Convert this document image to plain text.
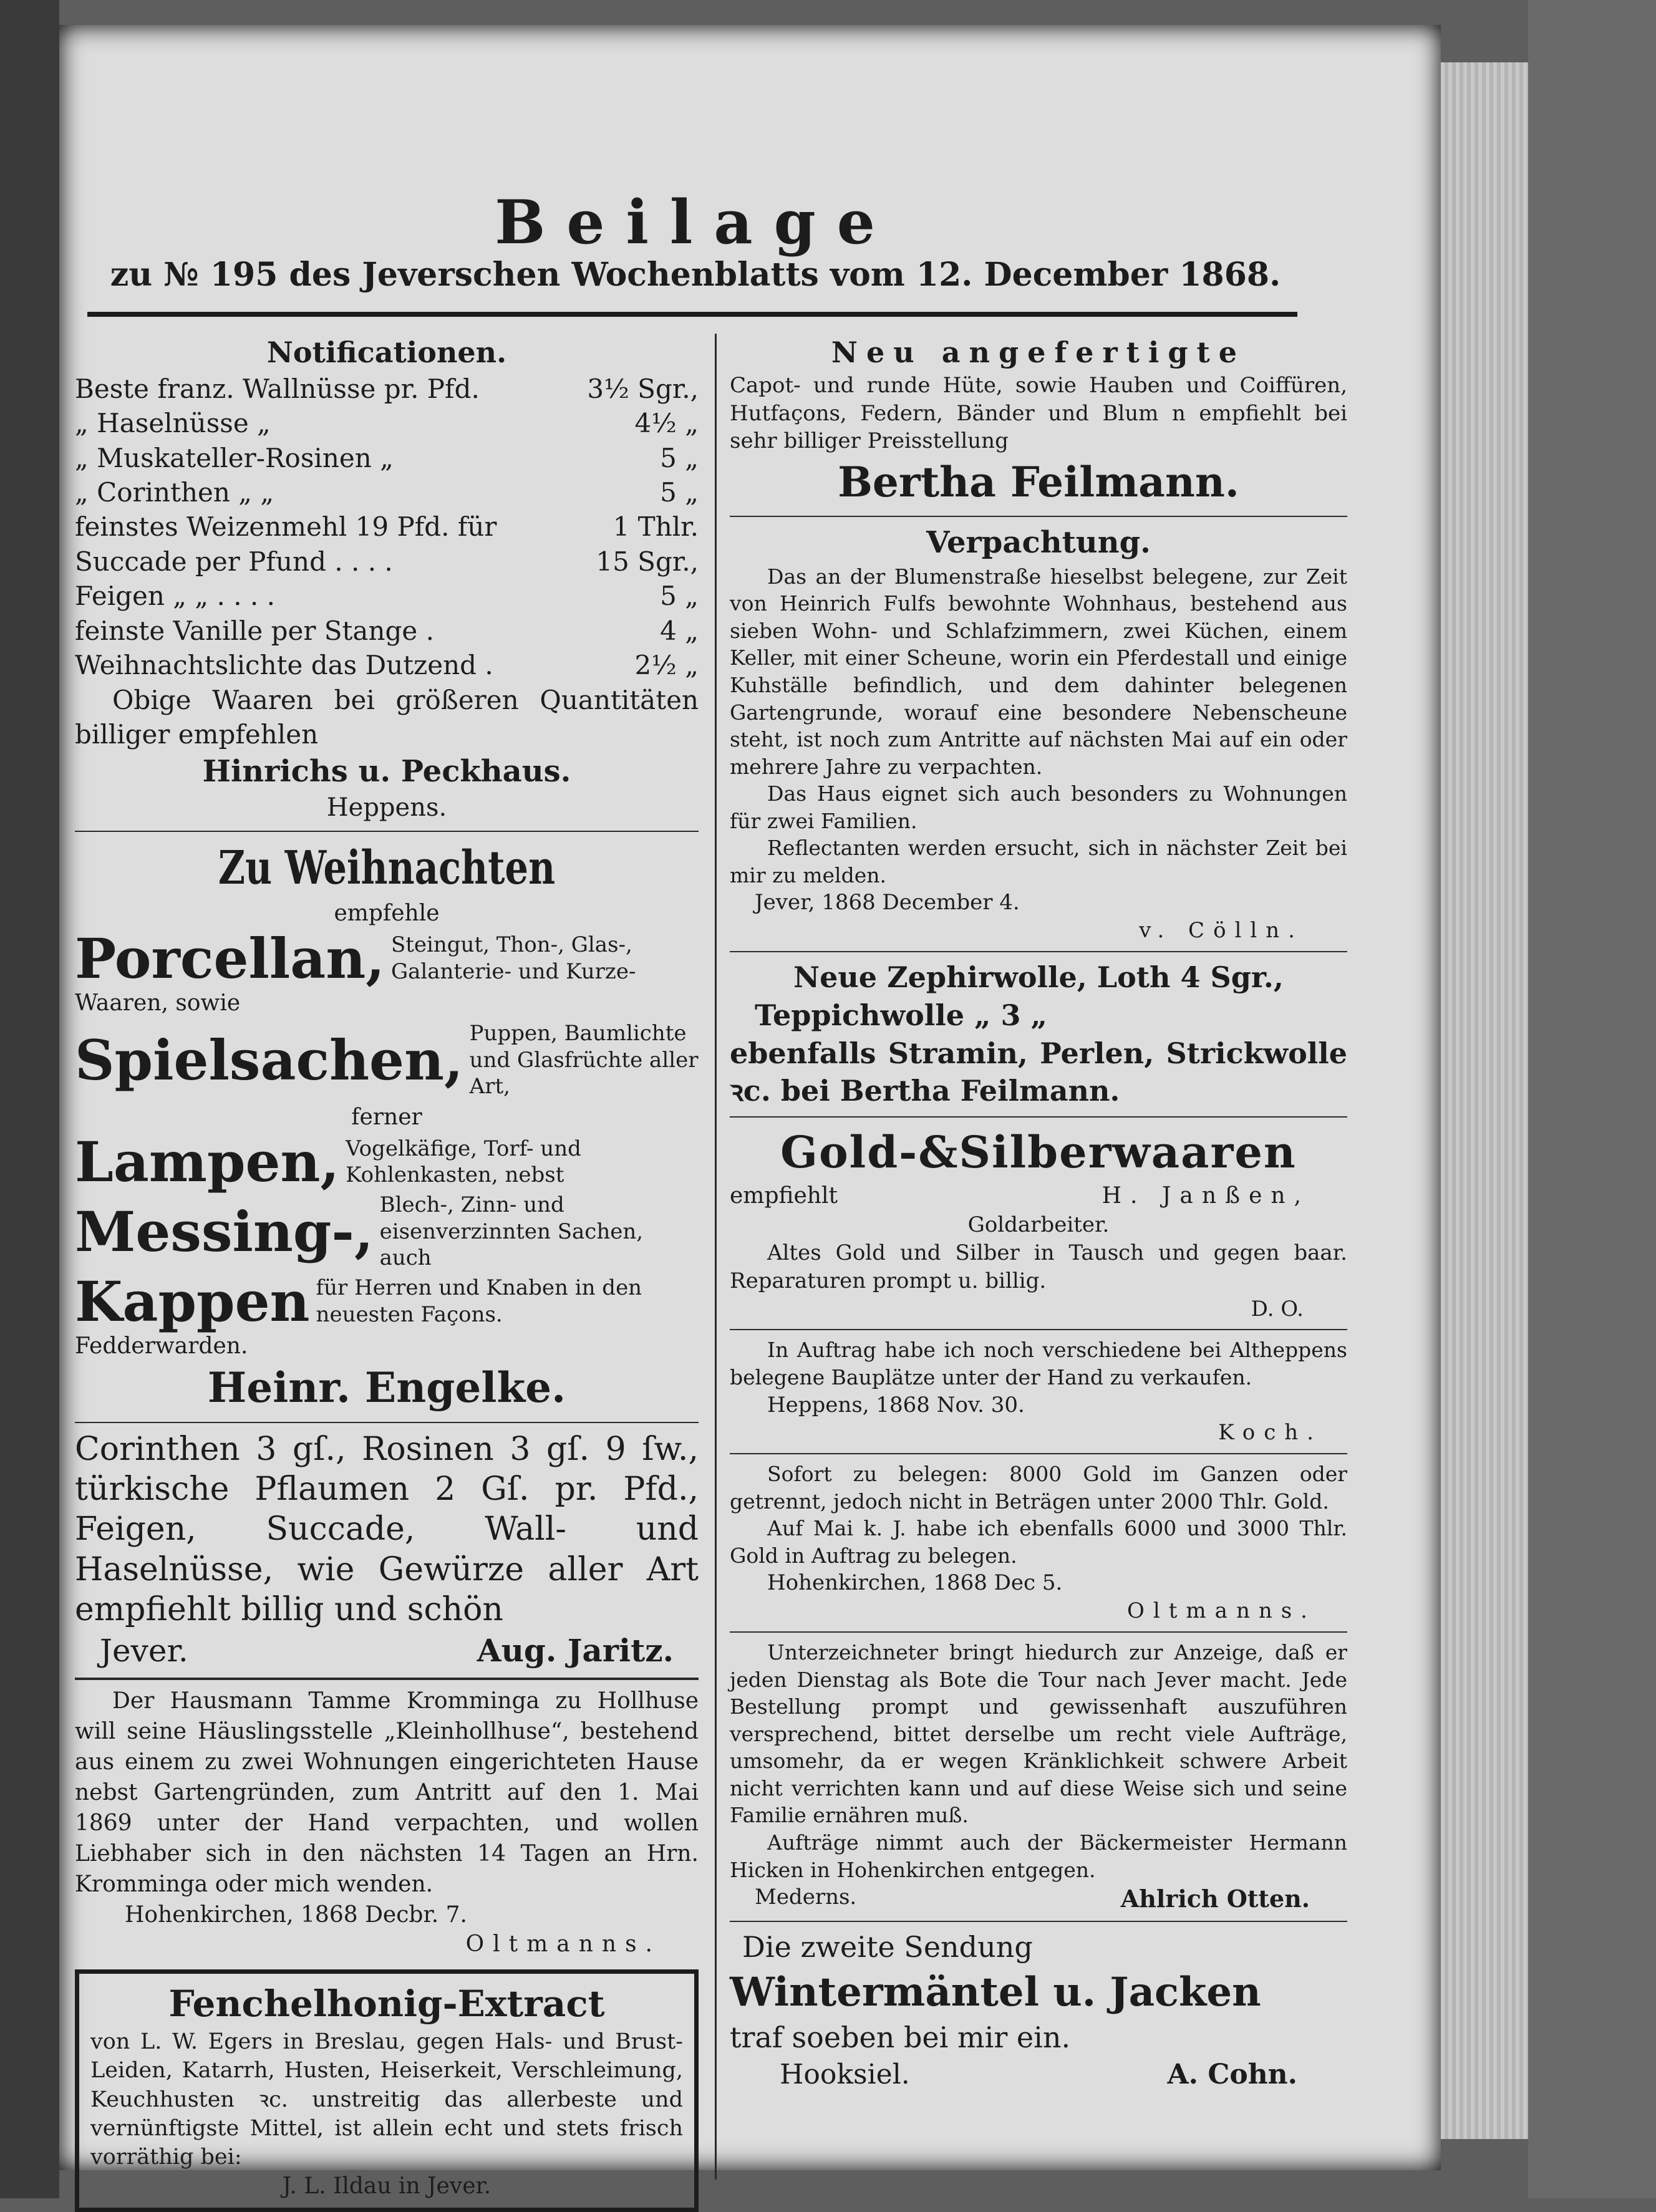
Beilage
zu № 195 des Jeverschen Wochenblatts vom 12. December 1868.
Notificationen.
Beste franz. Wallnüsse pr. Pfd.	3½ Sgr.,
„ Haselnüsse „	4½ „
„ Muskateller-Rosinen „	5 „
„ Corinthen „ „	5 „
feinstes Weizenmehl 19 Pfd. für	1 Thlr.
Succade per Pfund . . . .	15 Sgr.,
Feigen „ „ . . . .	5 „
feinste Vanille per Stange .	4 „
Weihnachtslichte das Dutzend .	2½ „
Obige Waaren bei größeren Quantitäten billiger empfehlen
Hinrichs u. Peckhaus.
Heppens.
Zu Weihnachten
empfehle
Porcellan, Steingut, Thon-, Glas-, Galanterie- und Kurze-
Waaren, sowie
Spielsachen, Puppen, Baumlichte und Glasfrüchte aller Art,
ferner
Lampen, Vogelkäfige, Torf- und Kohlenkasten, nebst
Messing-, Blech-, Zinn- und eisenverzinnten Sachen, auch
Kappen für Herren und Knaben in den neuesten Façons.
Fedderwarden.
Heinr. Engelke.
Corinthen 3 gſ., Rosinen 3 gſ. 9 ſw., türkische Pflaumen 2 Gſ. pr. Pfd., Feigen, Succade, Wall- und Haselnüsse, wie Gewürze aller Art empfiehlt billig und schön
Jever.	Aug. Jaritz.
Der Hausmann Tamme Kromminga zu Hollhuse will seine Häuslingsstelle „Kleinhollhuse“, bestehend aus einem zu zwei Wohnungen eingerichteten Hause nebst Gartengründen, zum Antritt auf den 1. Mai 1869 unter der Hand verpachten, und wollen Liebhaber sich in den nächsten 14 Tagen an Hrn. Kromminga oder mich wenden.
Hohenkirchen, 1868 Decbr. 7.
Oltmanns.
Fenchelhonig-Extract
von L. W. Egers in Breslau, gegen Hals- und Brust-Leiden, Katarrh, Husten, Heiserkeit, Verschleimung, Keuchhusten ꝛc. unstreitig das allerbeste und vernünftigste Mittel, ist allein echt und stets frisch vorräthig bei:
J. L. Ildau in Jever.
Neu angefertigte
Capot- und runde Hüte, sowie Hauben und Coiffüren, Hutfaçons, Federn, Bänder und Blum n empfiehlt bei sehr billiger Preisstellung
Bertha Feilmann.
Verpachtung.
Das an der Blumenstraße hieselbst belegene, zur Zeit von Heinrich Fulfs bewohnte Wohnhaus, bestehend aus sieben Wohn- und Schlafzimmern, zwei Küchen, einem Keller, mit einer Scheune, worin ein Pferdestall und einige Kuhställe befindlich, und dem dahinter belegenen Gartengrunde, worauf eine besondere Nebenscheune steht, ist noch zum Antritte auf nächsten Mai auf ein oder mehrere Jahre zu verpachten.
Das Haus eignet sich auch besonders zu Wohnungen für zwei Familien.
Reflectanten werden ersucht, sich in nächster Zeit bei mir zu melden.
Jever, 1868 December 4.
v. Cölln.
Neue Zephirwolle, Loth 4 Sgr.,
Teppichwolle „ 3 „
ebenfalls Stramin, Perlen, Strickwolle ꝛc. bei Bertha Feilmann.
Gold-&Silberwaaren
empfiehlt	H. Janßen,
Goldarbeiter.
Altes Gold und Silber in Tausch und gegen baar. Reparaturen prompt u. billig.
D. O.
In Auftrag habe ich noch verschiedene bei Altheppens belegene Bauplätze unter der Hand zu verkaufen.
Heppens, 1868 Nov. 30.
Koch.
Sofort zu belegen: 8000 Gold im Ganzen oder getrennt, jedoch nicht in Beträgen unter 2000 Thlr. Gold.
Auf Mai k. J. habe ich ebenfalls 6000 und 3000 Thlr. Gold in Auftrag zu belegen.
Hohenkirchen, 1868 Dec 5.
Oltmanns.
Unterzeichneter bringt hiedurch zur Anzeige, daß er jeden Dienstag als Bote die Tour nach Jever macht. Jede Bestellung prompt und gewissenhaft auszuführen versprechend, bittet derselbe um recht viele Aufträge, umsomehr, da er wegen Kränklichkeit schwere Arbeit nicht verrichten kann und auf diese Weise sich und seine Familie ernähren muß.
Aufträge nimmt auch der Bäckermeister Hermann Hicken in Hohenkirchen entgegen.
Mederns.	Ahlrich Otten.
Die zweite Sendung
Wintermäntel u. Jacken
traf soeben bei mir ein.
Hooksiel.	A. Cohn.
